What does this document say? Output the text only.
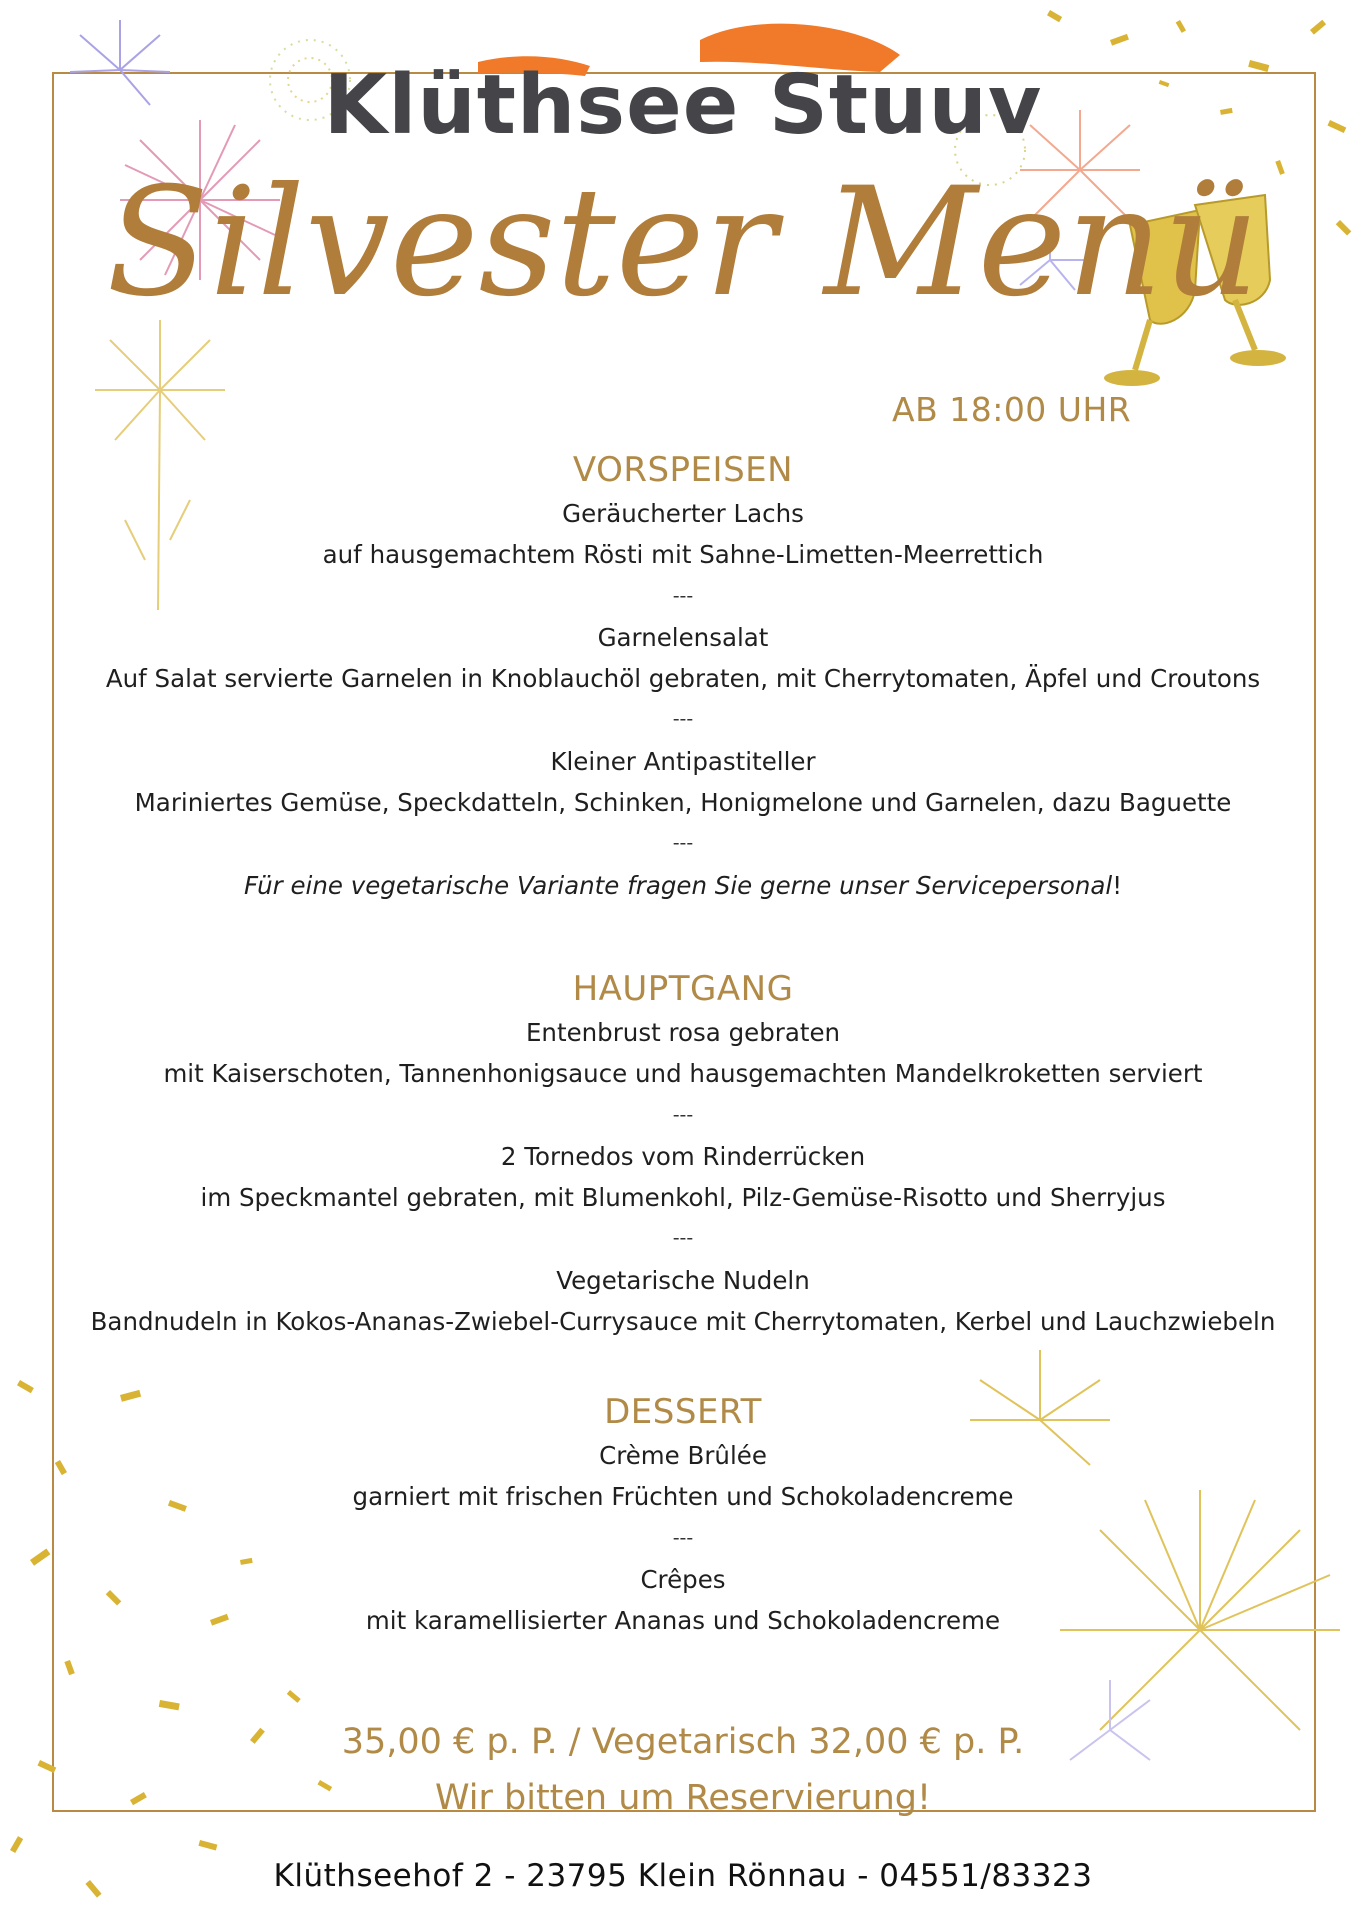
Klüthsee Stuuv
Silvester Menü
AB 18:00 UHR
VORSPEISEN
Geräucherter Lachs
auf hausgemachtem Rösti mit Sahne-Limetten-Meerrettich
---
Garnelensalat
Auf Salat servierte Garnelen in Knoblauchöl gebraten, mit Cherrytomaten, Äpfel und Croutons
---
Kleiner Antipastiteller
Mariniertes Gemüse, Speckdatteln, Schinken, Honigmelone und Garnelen, dazu Baguette
---
Für eine vegetarische Variante fragen Sie gerne unser Servicepersonal!
HAUPTGANG
Entenbrust rosa gebraten
mit Kaiserschoten, Tannenhonigsauce und hausgemachten Mandelkroketten serviert
---
2 Tornedos vom Rinderrücken
im Speckmantel gebraten, mit Blumenkohl, Pilz-Gemüse-Risotto und Sherryjus
---
Vegetarische Nudeln
Bandnudeln in Kokos-Ananas-Zwiebel-Currysauce mit Cherrytomaten, Kerbel und Lauchzwiebeln
DESSERT
Crème Brûlée
garniert mit frischen Früchten und Schokoladencreme
---
Crêpes
mit karamellisierter Ananas und Schokoladencreme
35,00 € p. P. / Vegetarisch 32,00 € p. P.
Wir bitten um Reservierung!
Klüthseehof 2 - 23795 Klein Rönnau - 04551/83323
